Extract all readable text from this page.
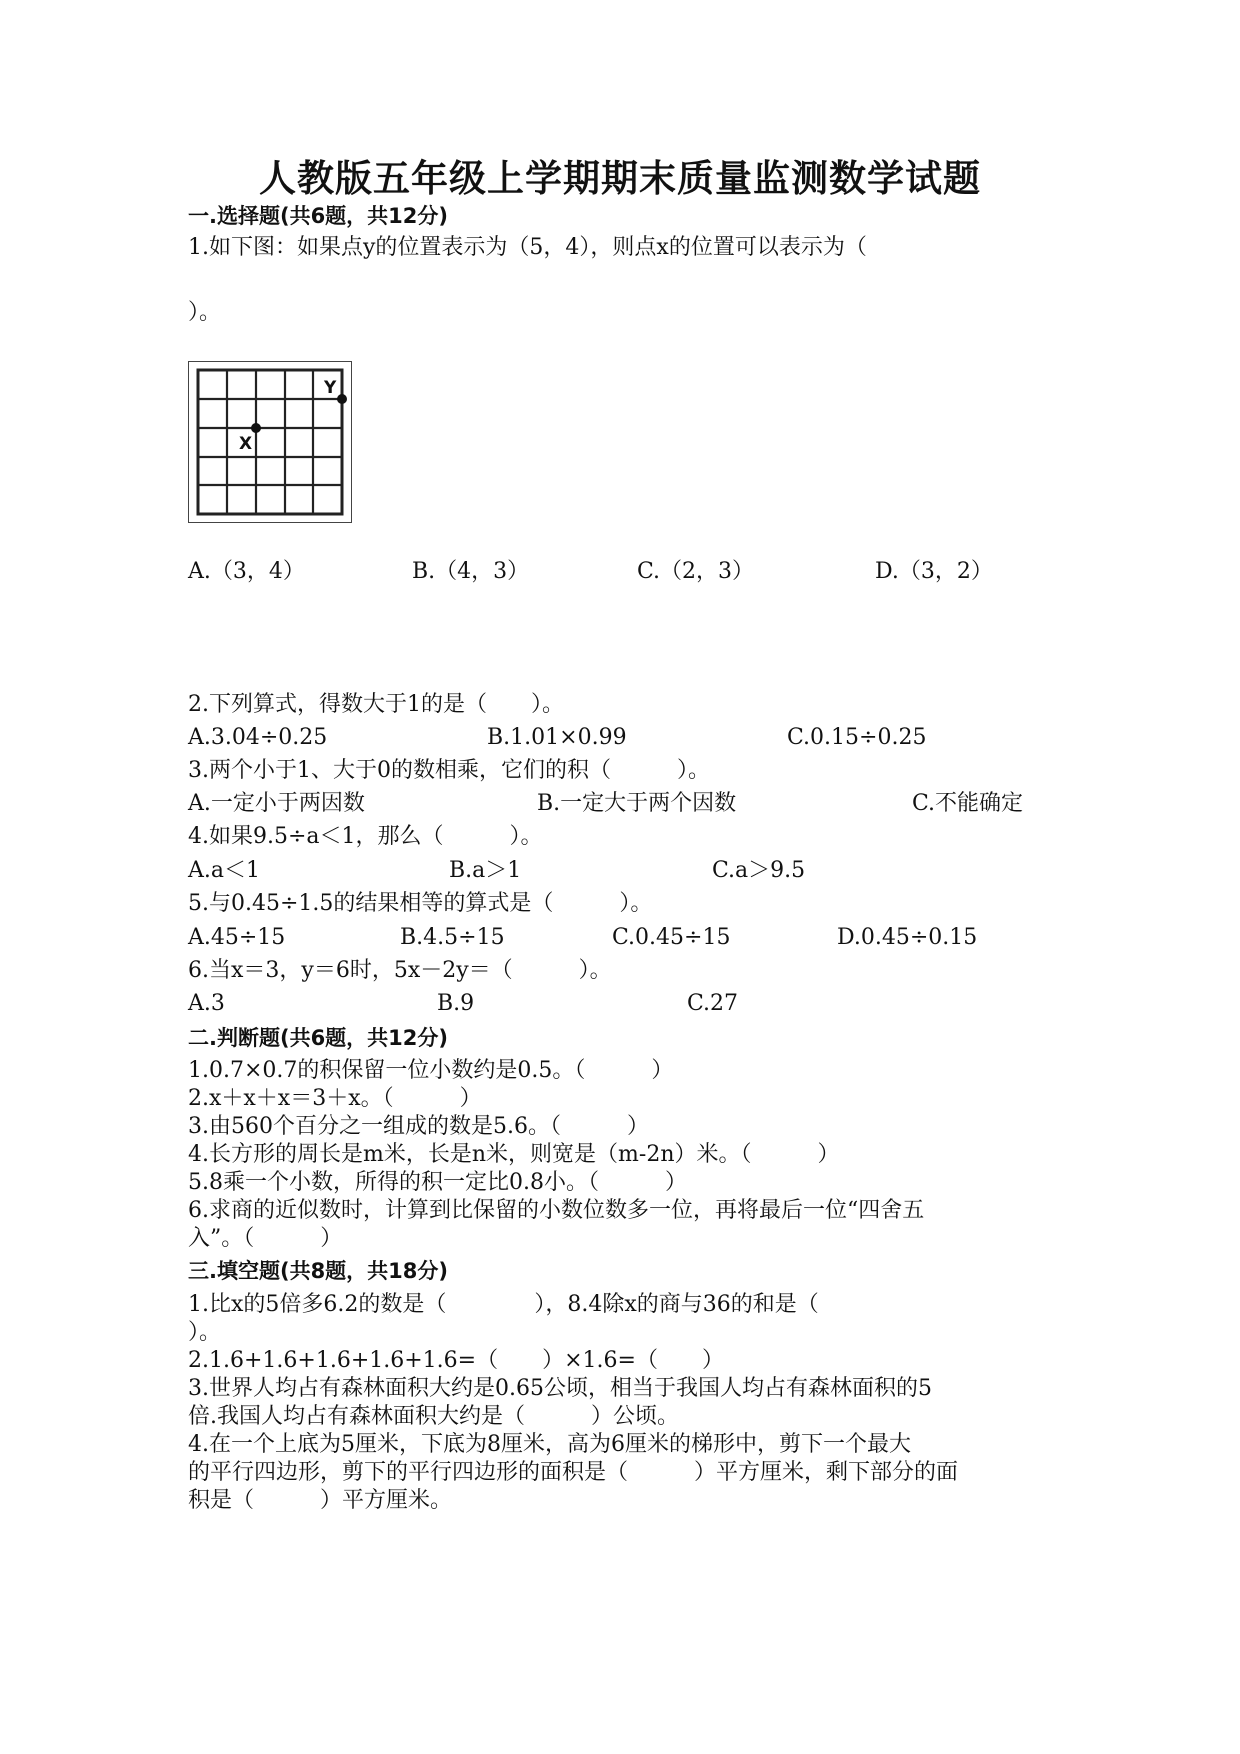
人教版五年级上学期期末质量监测数学试题
一.选择题(共6题，共12分)
1.如下图：如果点y的位置表示为（5，4），则点x的位置可以表示为（
）。
Y
X
A.（3，4）	B.（4，3）	C.（2，3）	D.（3，2）
2.下列算式，得数大于1的是（　　）。
A.3.04÷0.25	B.1.01×0.99	C.0.15÷0.25
3.两个小于1、大于0的数相乘，它们的积（　　　）。
A.一定小于两因数	B.一定大于两个因数	C.不能确定
4.如果9.5÷a＜1，那么（　　　）。
A.a＜1	B.a＞1	C.a＞9.5
5.与0.45÷1.5的结果相等的算式是（　　　）。
A.45÷15	B.4.5÷15	C.0.45÷15	D.0.45÷0.15
6.当x＝3，y＝6时，5x－2y＝（　　　）。
A.3	B.9	C.27
二.判断题(共6题，共12分)
1.0.7×0.7的积保留一位小数约是0.5。（　　　）
2.x＋x＋x＝3＋x。（　　　）
3.由560个百分之一组成的数是5.6。（　　　）
4.长方形的周长是m米，长是n米，则宽是（m-2n）米。（　　　）
5.8乘一个小数，所得的积一定比0.8小。（　　　）
6.求商的近似数时，计算到比保留的小数位数多一位，再将最后一位“四舍五
入”。（　　　）
三.填空题(共8题，共18分)
1.比x的5倍多6.2的数是（　　　　），8.4除x的商与36的和是（
）。
2.1.6+1.6+1.6+1.6+1.6=（　　）×1.6=（　　）
3.世界人均占有森林面积大约是0.65公顷，相当于我国人均占有森林面积的5
倍.我国人均占有森林面积大约是（　　　）公顷。
4.在一个上底为5厘米，下底为8厘米，高为6厘米的梯形中，剪下一个最大
的平行四边形，剪下的平行四边形的面积是（　　　）平方厘米，剩下部分的面
积是（　　　）平方厘米。
